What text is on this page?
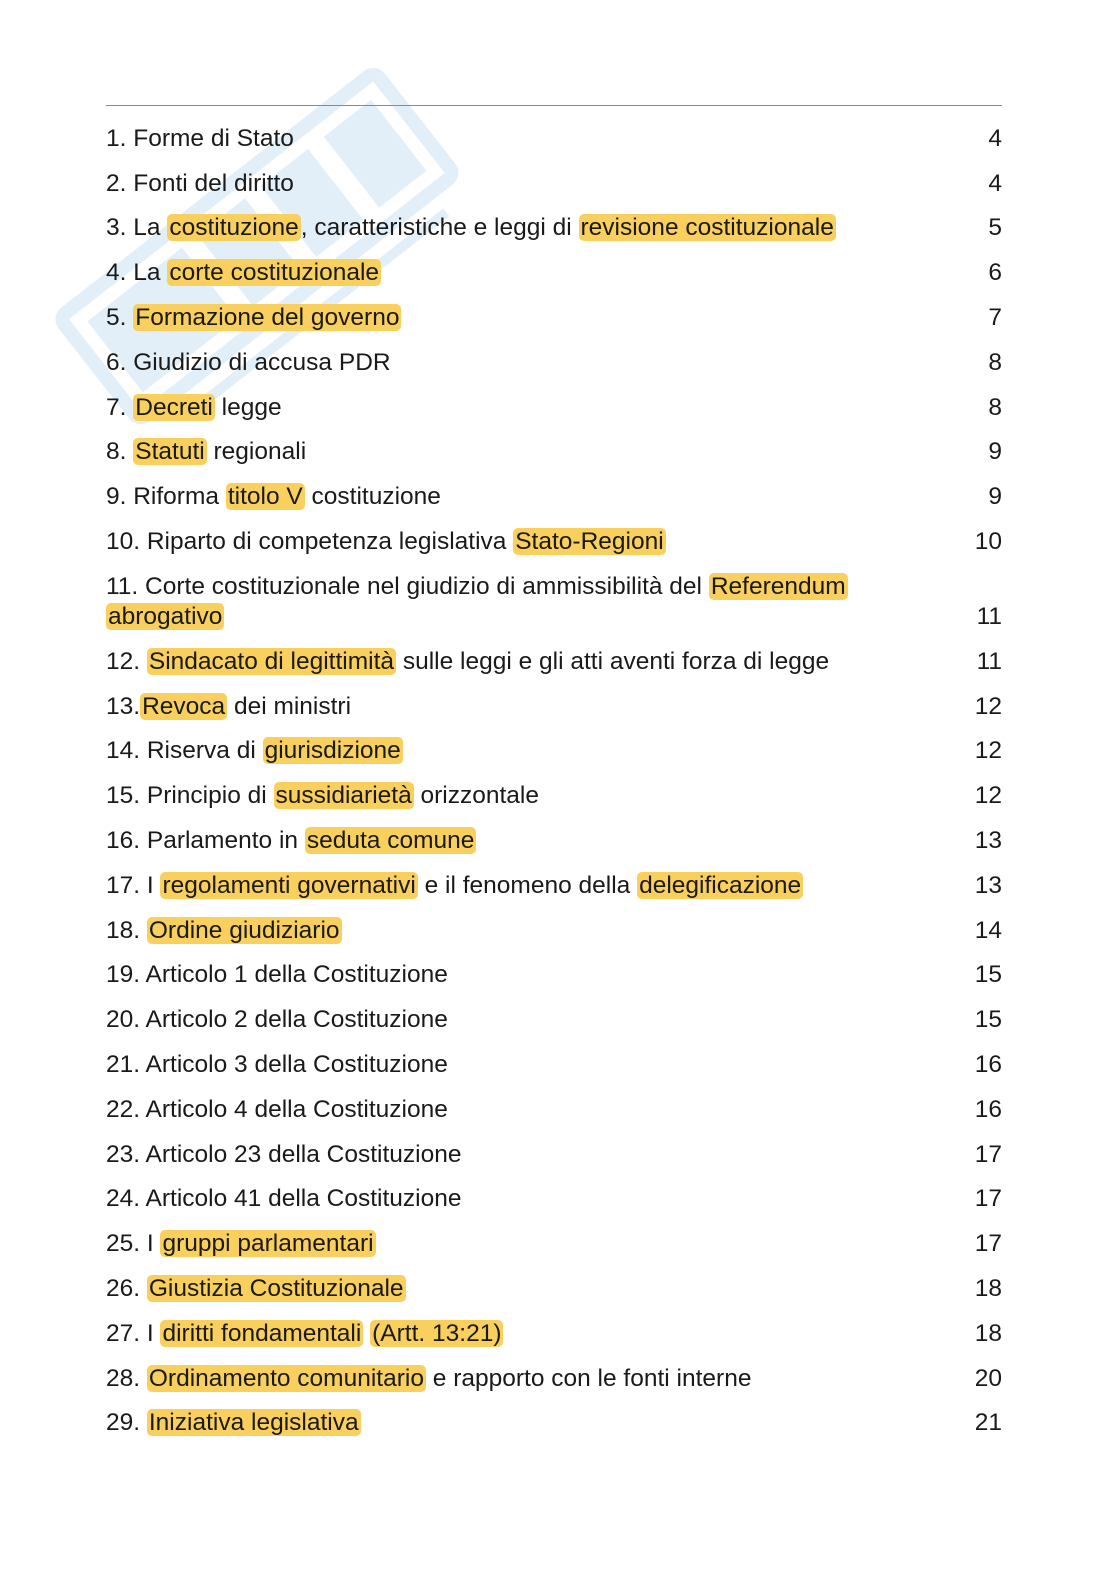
1. Forme di Stato	4
2. Fonti del diritto	4
3. La costituzione, caratteristiche e leggi di revisione costituzionale	5
4. La corte costituzionale	6
5. Formazione del governo	7
6. Giudizio di accusa PDR	8
7. Decreti legge	8
8. Statuti regionali	9
9. Riforma titolo V costituzione	9
10. Riparto di competenza legislativa Stato-Regioni	10
11. Corte costituzionale nel giudizio di ammissibilità del Referendum abrogativo	11
12. Sindacato di legittimità sulle leggi e gli atti aventi forza di legge	11
13.Revoca dei ministri	12
14. Riserva di giurisdizione	12
15. Principio di sussidiarietà orizzontale	12
16. Parlamento in seduta comune	13
17. I regolamenti governativi e il fenomeno della delegificazione	13
18. Ordine giudiziario	14
19. Articolo 1 della Costituzione	15
20. Articolo 2 della Costituzione	15
21. Articolo 3 della Costituzione	16
22. Articolo 4 della Costituzione	16
23. Articolo 23 della Costituzione	17
24. Articolo 41 della Costituzione	17
25. I gruppi parlamentari	17
26. Giustizia Costituzionale	18
27. I diritti fondamentali (Artt. 13:21)	18
28. Ordinamento comunitario e rapporto con le fonti interne	20
29. Iniziativa legislativa	21
